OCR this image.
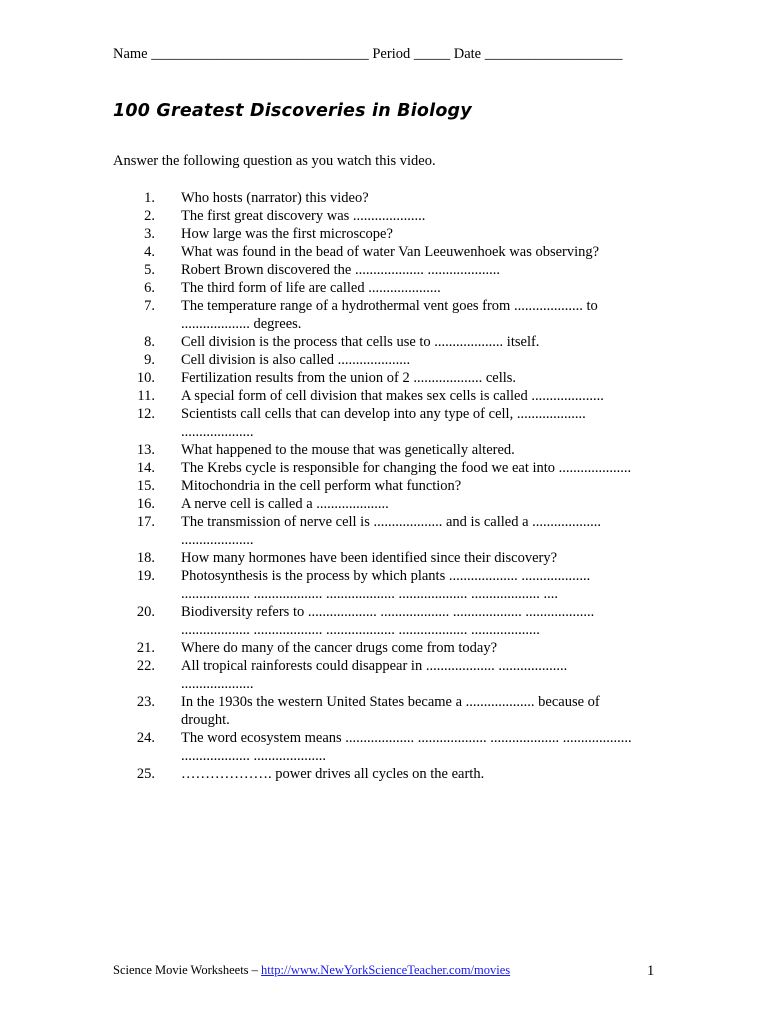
Name ______________________________ Period _____ Date ___________________
100 Greatest Discoveries in Biology
Answer the following question as you watch this video.
1. Who hosts (narrator) this video?
2. The first great discovery was ....................
3. How large was the first microscope?
4. What was found in the bead of water Van Leeuwenhoek was observing?
5. Robert Brown discovered the ................... ....................
6. The third form of life are called ....................
7. The temperature range of a hydrothermal vent goes from ................... to
................... degrees.
8. Cell division is the process that cells use to ................... itself.
9. Cell division is also called ....................
10. Fertilization results from the union of 2 ................... cells.
11. A special form of cell division that makes sex cells is called ....................
12. Scientists call cells that can develop into any type of cell, ...................
....................
13. What happened to the mouse that was genetically altered.
14. The Krebs cycle is responsible for changing the food we eat into ....................
15. Mitochondria in the cell perform what function?
16. A nerve cell is called a ....................
17. The transmission of nerve cell is ................... and is called a ...................
....................
18. How many hormones have been identified since their discovery?
19. Photosynthesis is the process by which plants ................... ...................
................... ................... ................... ................... ................... ....
20. Biodiversity refers to ................... ................... ................... ...................
................... ................... ................... ................... ...................
21. Where do many of the cancer drugs come from today?
22. All tropical rainforests could disappear in ................... ...................
....................
23. In the 1930s the western United States became a ................... because of
drought.
24. The word ecosystem means ................... ................... ................... ...................
................... ....................
25. ………………. power drives all cycles on the earth.
Science Movie Worksheets – http://www.NewYorkScienceTeacher.com/movies	1
